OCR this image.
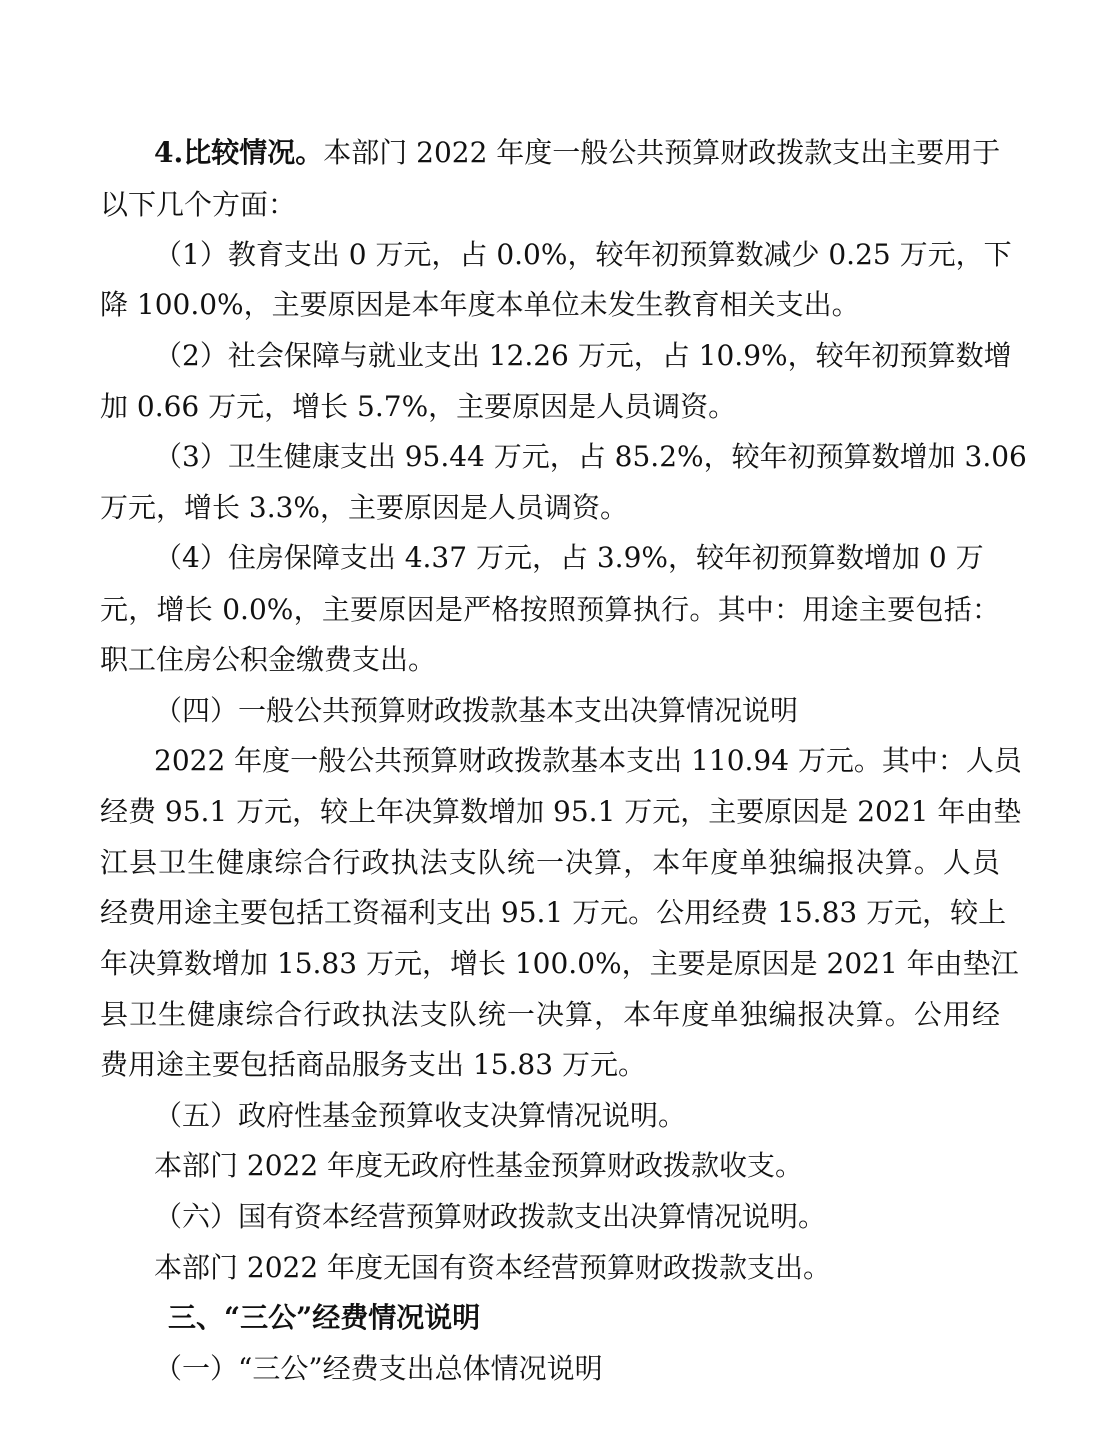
4.比较情况。本部门 2022 年度一般公共预算财政拨款支出主要用于
以下几个方面：
（1）教育支出 0 万元，占 0.0%，较年初预算数减少 0.25 万元，下
降 100.0%，主要原因是本年度本单位未发生教育相关支出。
（2）社会保障与就业支出 12.26 万元，占 10.9%，较年初预算数增
加 0.66 万元，增长 5.7%，主要原因是人员调资。
（3）卫生健康支出 95.44 万元，占 85.2%，较年初预算数增加 3.06
万元，增长 3.3%，主要原因是人员调资。
（4）住房保障支出 4.37 万元，占 3.9%，较年初预算数增加 0 万
元，增长 0.0%，主要原因是严格按照预算执行。其中：用途主要包括：
职工住房公积金缴费支出。
（四）一般公共预算财政拨款基本支出决算情况说明
2022 年度一般公共预算财政拨款基本支出 110.94 万元。其中：人员
经费 95.1 万元，较上年决算数增加 95.1 万元，主要原因是 2021 年由垫
江县卫生健康综合行政执法支队统一决算，本年度单独编报决算。人员
经费用途主要包括工资福利支出 95.1 万元。公用经费 15.83 万元，较上
年决算数增加 15.83 万元，增长 100.0%，主要是原因是 2021 年由垫江
县卫生健康综合行政执法支队统一决算，本年度单独编报决算。公用经
费用途主要包括商品服务支出 15.83 万元。
（五）政府性基金预算收支决算情况说明。
本部门 2022 年度无政府性基金预算财政拨款收支。
（六）国有资本经营预算财政拨款支出决算情况说明。
本部门 2022 年度无国有资本经营预算财政拨款支出。
三、“三公”经费情况说明
（一）“三公”经费支出总体情况说明
